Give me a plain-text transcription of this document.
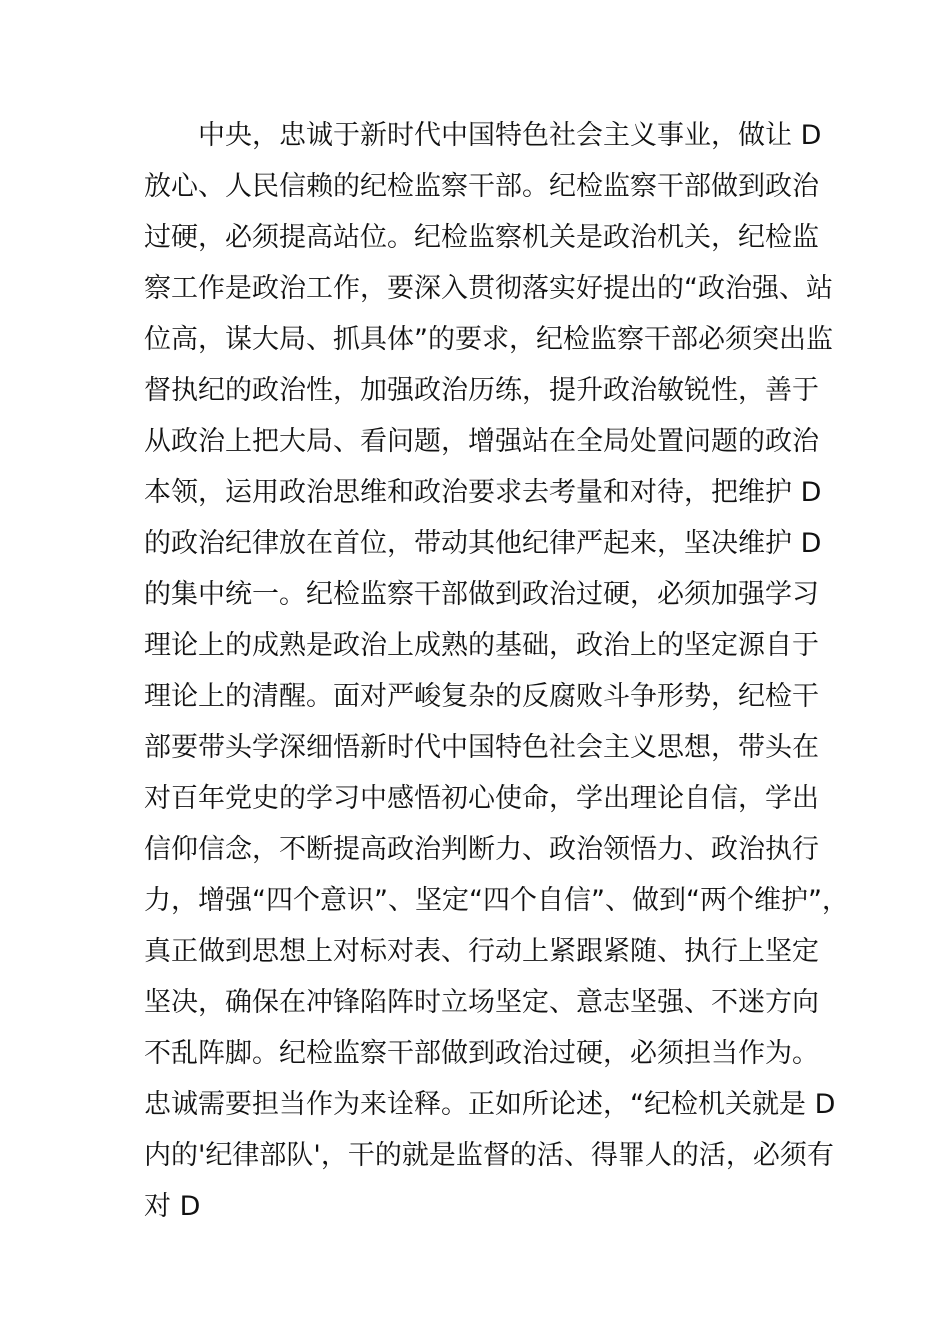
中央，忠诚于新时代中国特色社会主义事业，做让 D
放心、人民信赖的纪检监察干部。纪检监察干部做到政治
过硬，必须提高站位。纪检监察机关是政治机关，纪检监
察工作是政治工作，要深入贯彻落实好提出的“政治强、站
位高，谋大局、抓具体”的要求，纪检监察干部必须突出监
督执纪的政治性，加强政治历练，提升政治敏锐性，善于
从政治上把大局、看问题，增强站在全局处置问题的政治
本领，运用政治思维和政治要求去考量和对待，把维护 D
的政治纪律放在首位，带动其他纪律严起来，坚决维护 D
的集中统一。纪检监察干部做到政治过硬，必须加强学习
理论上的成熟是政治上成熟的基础，政治上的坚定源自于
理论上的清醒。面对严峻复杂的反腐败斗争形势，纪检干
部要带头学深细悟新时代中国特色社会主义思想，带头在
对百年党史的学习中感悟初心使命，学出理论自信，学出
信仰信念，不断提高政治判断力、政治领悟力、政治执行
力，增强“四个意识”、坚定“四个自信”、做到“两个维护”，
真正做到思想上对标对表、行动上紧跟紧随、执行上坚定
坚决，确保在冲锋陷阵时立场坚定、意志坚强、不迷方向
不乱阵脚。纪检监察干部做到政治过硬，必须担当作为。
忠诚需要担当作为来诠释。正如所论述，“纪检机关就是 D
内的'纪律部队'，干的就是监督的活、得罪人的活，必须有
对 D
